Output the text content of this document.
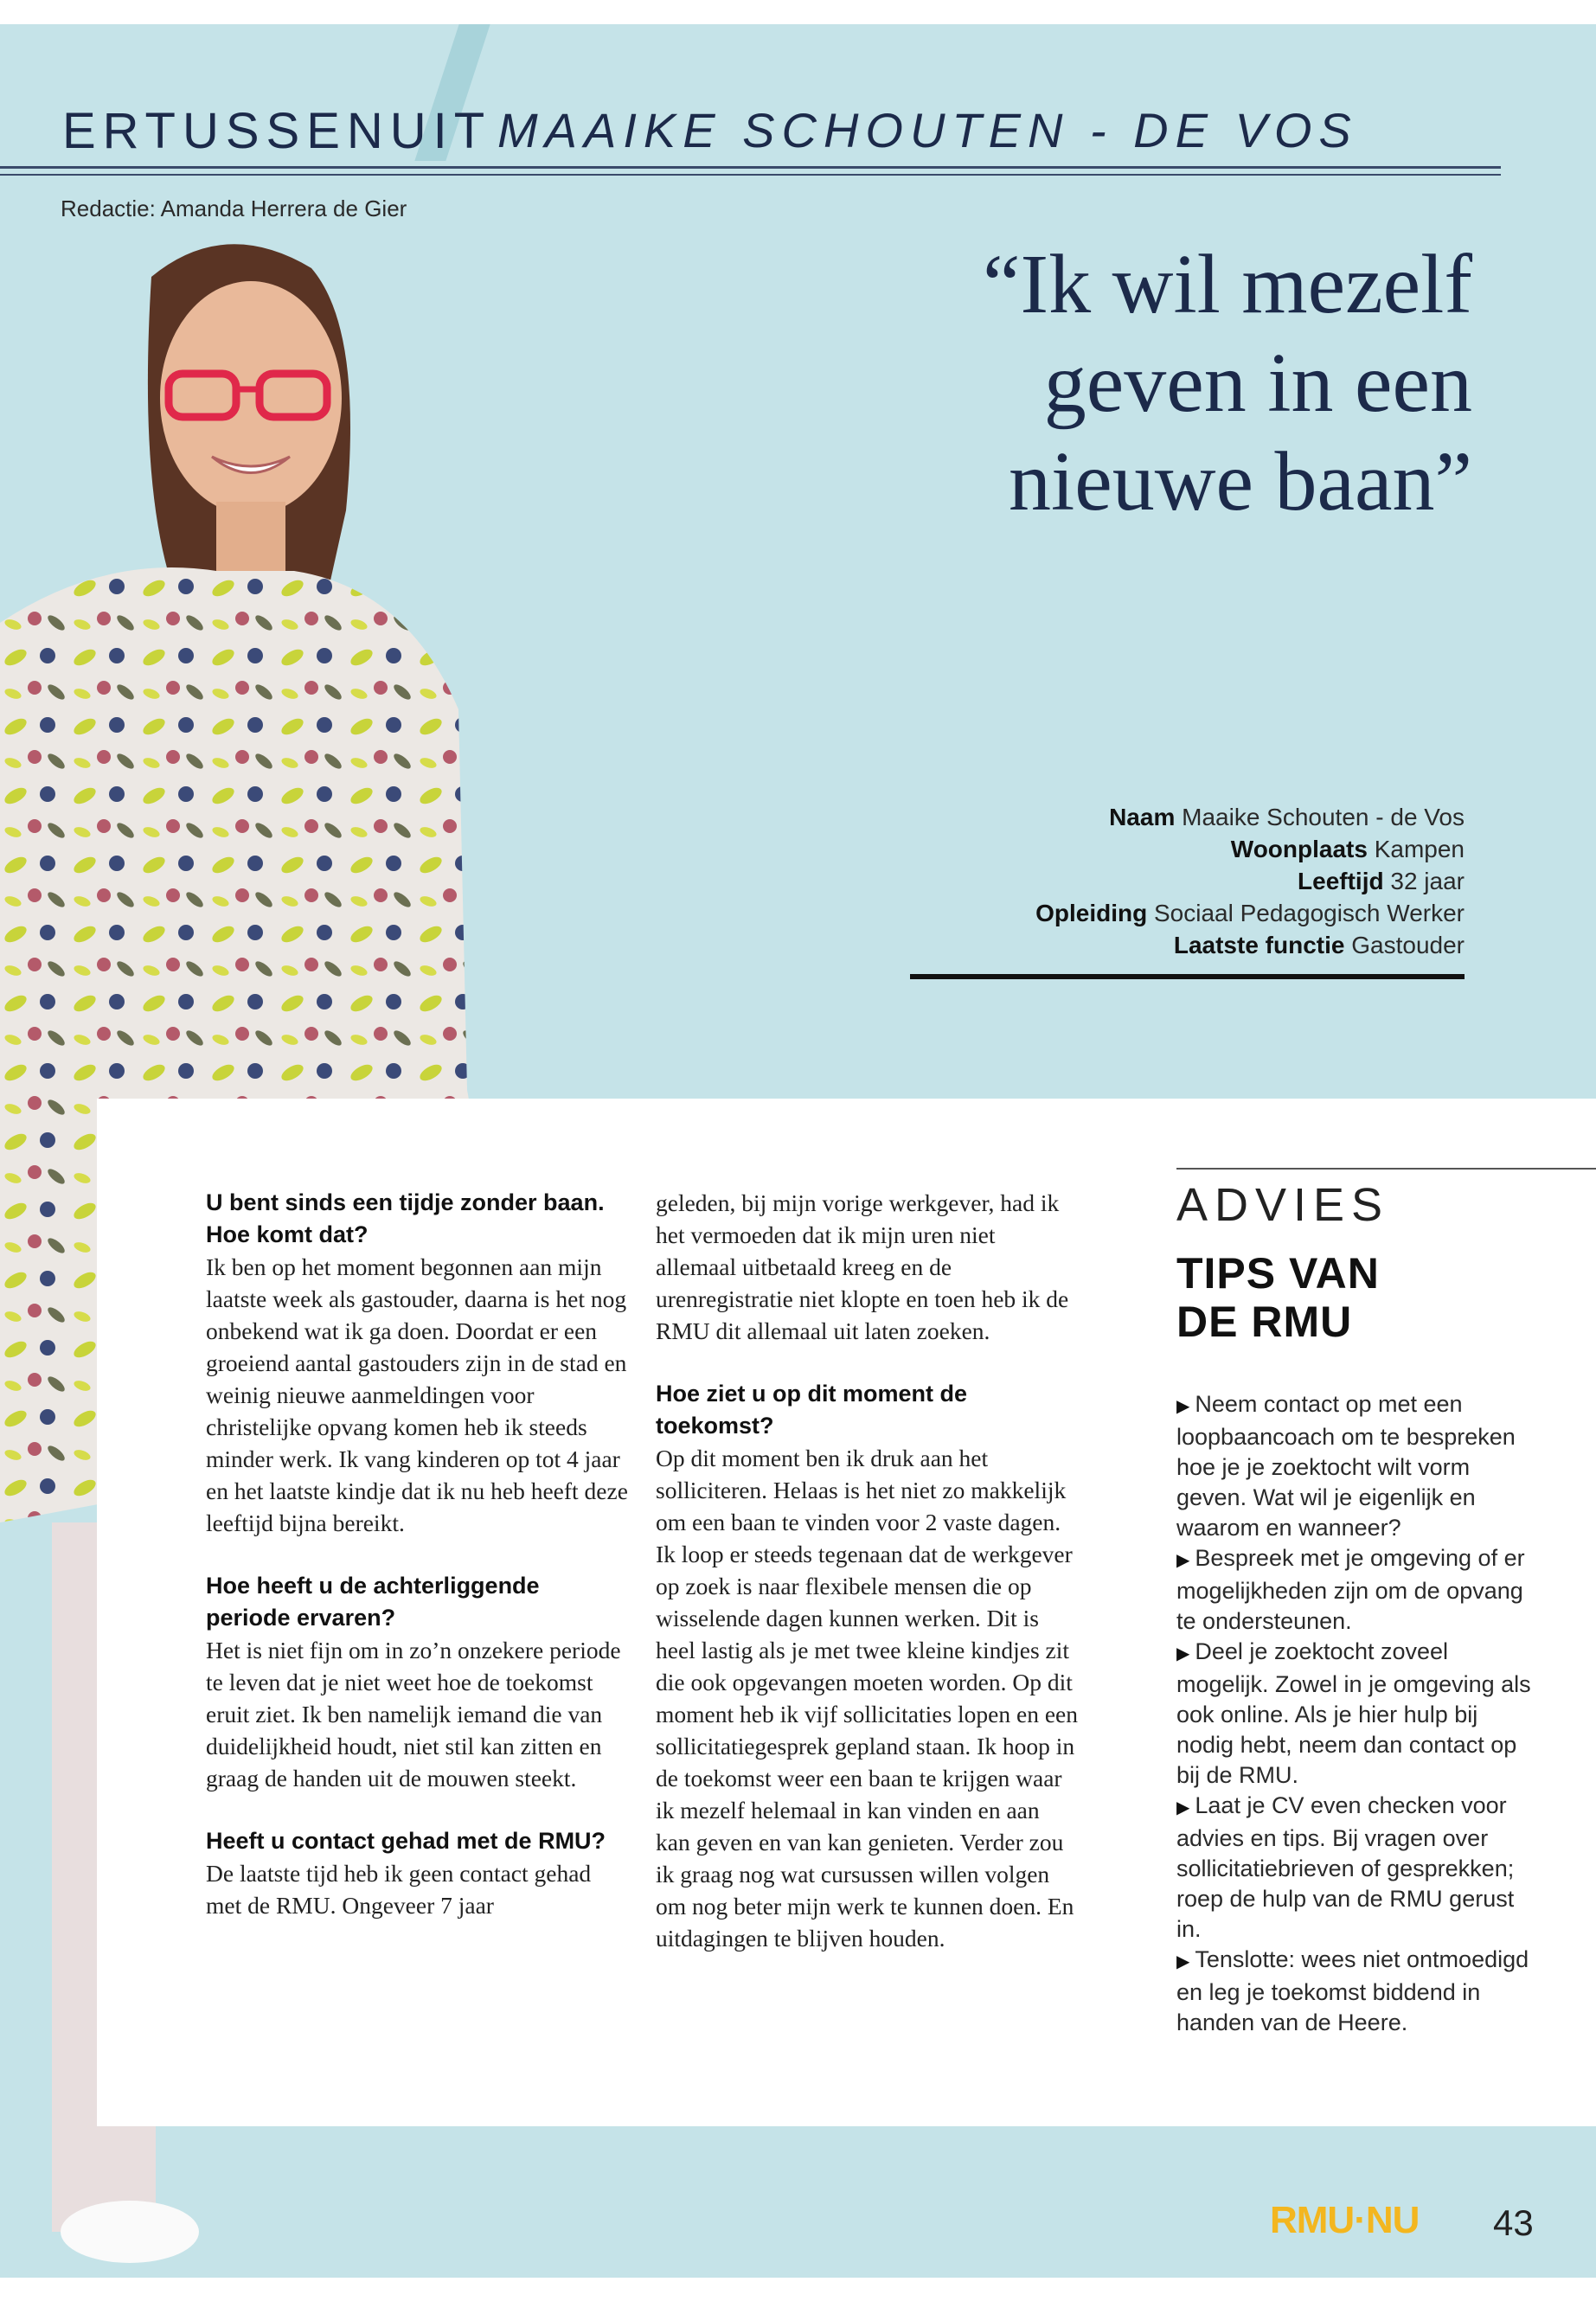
ERTUSSENUIT MAAIKE SCHOUTEN - DE VOS
Redactie: Amanda Herrera de Gier
“Ik wil mezelf
geven in een
nieuwe baan”
Naam Maaike Schouten - de Vos
Woonplaats Kampen
Leeftijd 32 jaar
Opleiding Sociaal Pedagogisch Werker
Laatste functie Gastouder
U bent sinds een tijdje zonder baan. Hoe komt dat?

Ik ben op het moment begonnen aan mijn laatste week als gastouder, daarna is het nog onbekend wat ik ga doen. Doordat er een groeiend aantal gastouders zijn in de stad en weinig nieuwe aanmeldingen voor christelijke opvang komen heb ik steeds minder werk. Ik vang kinderen op tot 4 jaar en het laatste kindje dat ik nu heb heeft deze leeftijd bijna bereikt.

Hoe heeft u de achterliggende periode ervaren?

Het is niet fijn om in zo’n onzekere periode te leven dat je niet weet hoe de toekomst eruit ziet. Ik ben namelijk iemand die van duidelijkheid houdt, niet stil kan zitten en graag de handen uit de mouwen steekt.

Heeft u contact gehad met de RMU?

De laatste tijd heb ik geen contact gehad met de RMU. Ongeveer 7 jaar

geleden, bij mijn vorige werkgever, had ik het vermoeden dat ik mijn uren niet allemaal uitbetaald kreeg en de urenregistratie niet klopte en toen heb ik de RMU dit allemaal uit laten zoeken.

Hoe ziet u op dit moment de toekomst?

Op dit moment ben ik druk aan het solliciteren. Helaas is het niet zo makkelijk om een baan te vinden voor 2 vaste dagen. Ik loop er steeds tegenaan dat de werkgever op zoek is naar flexibele mensen die op wisselende dagen kunnen werken. Dit is heel lastig als je met twee kleine kindjes zit die ook opgevangen moeten worden. Op dit moment heb ik vijf sollicitaties lopen en een sollicitatiegesprek gepland staan. Ik hoop in de toekomst weer een baan te krijgen waar ik mezelf helemaal in kan vinden en aan kan geven en van kan genieten. Verder zou ik graag nog wat cursussen willen volgen om nog beter mijn werk te kunnen doen. En uitdagingen te blijven houden.

ADVIES
TIPS VAN
DE RMU
▶ Neem contact op met een loopbaancoach om te bespreken hoe je je zoektocht wilt vorm geven. Wat wil je eigenlijk en waarom en wanneer?
▶ Bespreek met je omgeving of er mogelijkheden zijn om de opvang te ondersteunen.
▶ Deel je zoektocht zoveel mogelijk. Zowel in je omgeving als ook online. Als je hier hulp bij nodig hebt, neem dan contact op bij de RMU.
▶ Laat je CV even checken voor advies en tips. Bij vragen over sollicitatiebrieven of gesprekken; roep de hulp van de RMU gerust in.
▶ Tenslotte: wees niet ontmoedigd en leg je toekomst biddend in handen van de Heere.
RMU·NU 43
